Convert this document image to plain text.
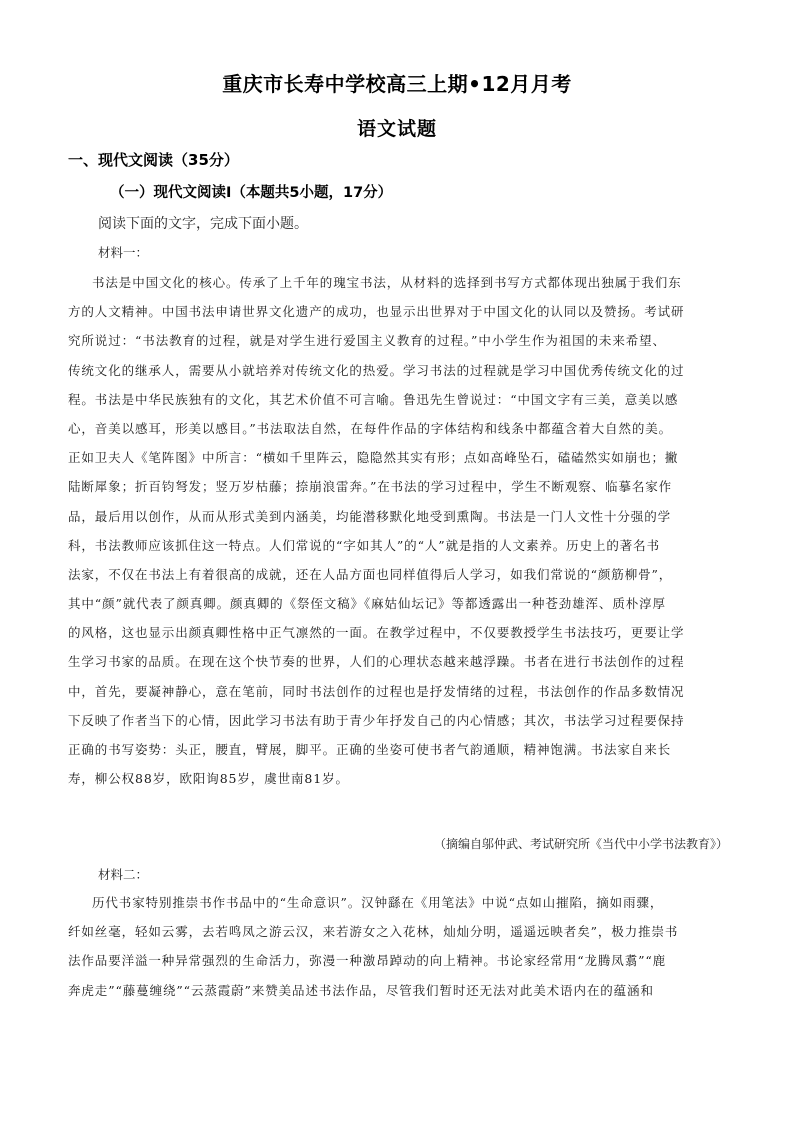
重庆市长寿中学校高三上期•12月月考
语文试题
一、现代文阅读（35分）
（一）现代文阅读Ⅰ（本题共5小题，17分）
阅读下面的文字，完成下面小题。
材料一：
书法是中国文化的核心。传承了上千年的瑰宝书法，从材料的选择到书写方式都体现出独属于我们东
方的人文精神。中国书法申请世界文化遗产的成功，也显示出世界对于中国文化的认同以及赞扬。考试研
究所说过：“书法教育的过程，就是对学生进行爱国主义教育的过程。”中小学生作为祖国的未来希望、
传统文化的继承人，需要从小就培养对传统文化的热爱。学习书法的过程就是学习中国优秀传统文化的过
程。书法是中华民族独有的文化，其艺术价值不可言喻。鲁迅先生曾说过：“中国文字有三美，意美以感
心，音美以感耳，形美以感目。”书法取法自然，在每件作品的字体结构和线条中都蕴含着大自然的美。
正如卫夫人《笔阵图》中所言：“横如千里阵云，隐隐然其实有形；点如高峰坠石，磕磕然实如崩也；撇
陆断犀象；折百钧弩发；竖万岁枯藤；捺崩浪雷奔。”在书法的学习过程中，学生不断观察、临摹名家作
品，最后用以创作，从而从形式美到内涵美，均能潜移默化地受到熏陶。书法是一门人文性十分强的学
科，书法教师应该抓住这一特点。人们常说的“字如其人”的“人”就是指的人文素养。历史上的著名书
法家，不仅在书法上有着很高的成就，还在人品方面也同样值得后人学习，如我们常说的“颜筋柳骨”，
其中“颜”就代表了颜真卿。颜真卿的《祭侄文稿》《麻姑仙坛记》等都透露出一种苍劲雄浑、质朴淳厚
的风格，这也显示出颜真卿性格中正气凛然的一面。在教学过程中，不仅要教授学生书法技巧，更要让学
生学习书家的品质。在现在这个快节奏的世界，人们的心理状态越来越浮躁。书者在进行书法创作的过程
中，首先，要凝神静心，意在笔前，同时书法创作的过程也是抒发情绪的过程，书法创作的作品多数情况
下反映了作者当下的心情，因此学习书法有助于青少年抒发自己的内心情感；其次，书法学习过程要保持
正确的书写姿势：头正，腰直，臂展，脚平。正确的坐姿可使书者气韵通顺，精神饱满。书法家自来长
寿，柳公权88岁，欧阳询85岁，虞世南81岁。
（摘编自邬仲武、考试研究所《当代中小学书法教育》）
材料二：
历代书家特别推崇书作书品中的“生命意识”。汉钟繇在《用笔法》中说“点如山摧陷，摘如雨骤，
纤如丝毫，轻如云雾，去若鸣凤之游云汉，来若游女之入花林，灿灿分明，遥遥远映者矣”，极力推崇书
法作品要洋溢一种异常强烈的生命活力，弥漫一种激昂踔动的向上精神。书论家经常用“龙腾凤翥”“鹿
奔虎走”“藤蔓缠绕”“云蒸霞蔚”来赞美品述书法作品，尽管我们暂时还无法对此美术语内在的蕴涵和
